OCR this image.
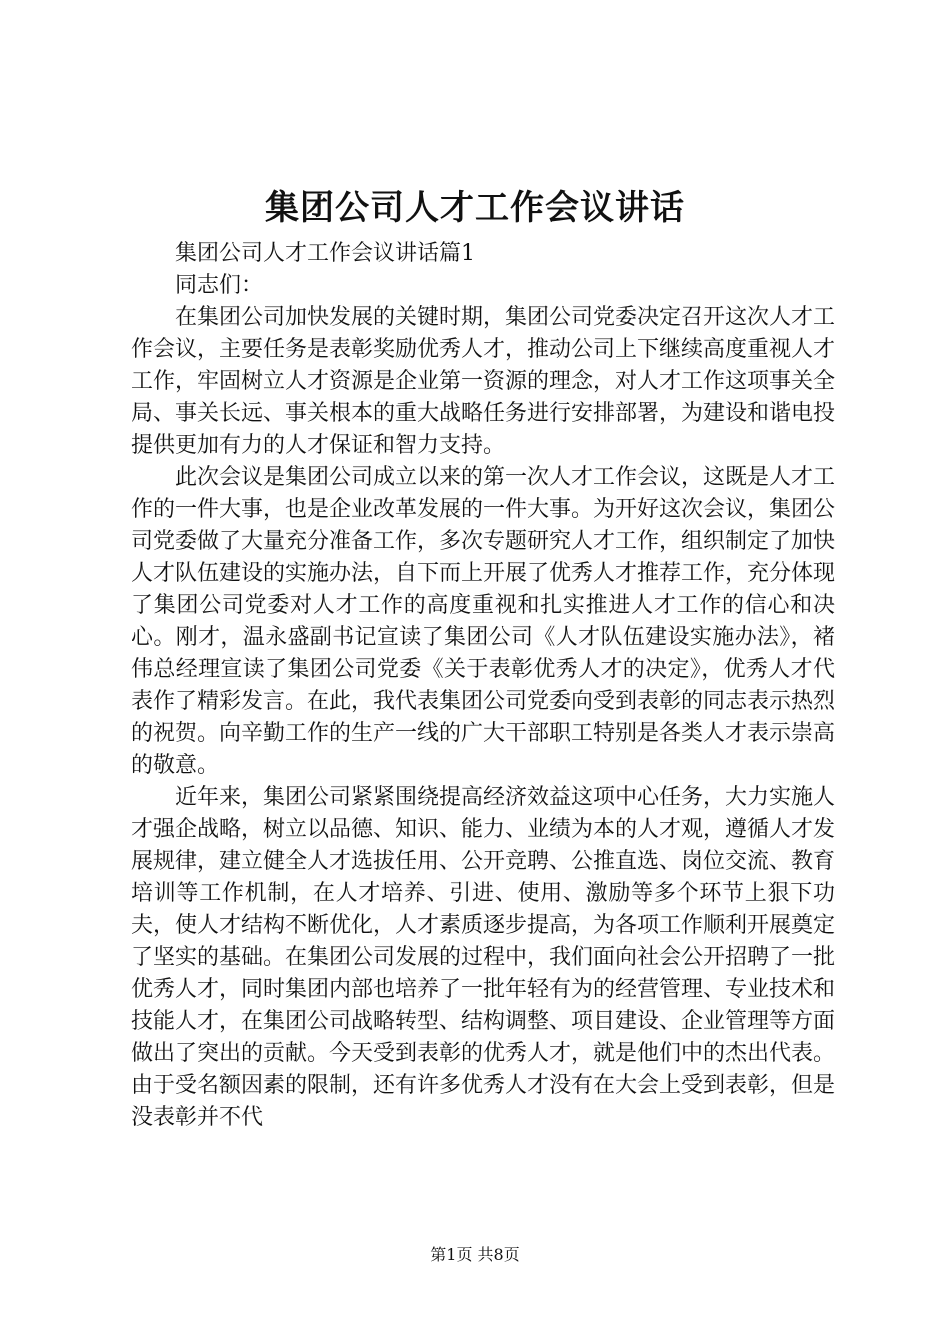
集团公司人才工作会议讲话

集团公司人才工作会议讲话篇1

同志们：

在集团公司加快发展的关键时期，集团公司党委决定召开这次人才工作会议，主要任务是表彰奖励优秀人才，推动公司上下继续高度重视人才工作，牢固树立人才资源是企业第一资源的理念，对人才工作这项事关全局、事关长远、事关根本的重大战略任务进行安排部署，为建设和谐电投提供更加有力的人才保证和智力支持。

此次会议是集团公司成立以来的第一次人才工作会议，这既是人才工作的一件大事，也是企业改革发展的一件大事。为开好这次会议，集团公司党委做了大量充分准备工作，多次专题研究人才工作，组织制定了加快人才队伍建设的实施办法，自下而上开展了优秀人才推荐工作，充分体现了集团公司党委对人才工作的高度重视和扎实推进人才工作的信心和决心。刚才，温永盛副书记宣读了集团公司《人才队伍建设实施办法》，褚伟总经理宣读了集团公司党委《关于表彰优秀人才的决定》，优秀人才代表作了精彩发言。在此，我代表集团公司党委向受到表彰的同志表示热烈的祝贺。向辛勤工作的生产一线的广大干部职工特别是各类人才表示崇高的敬意。

近年来，集团公司紧紧围绕提高经济效益这项中心任务，大力实施人才强企战略，树立以品德、知识、能力、业绩为本的人才观，遵循人才发展规律，建立健全人才选拔任用、公开竞聘、公推直选、岗位交流、教育培训等工作机制，在人才培养、引进、使用、激励等多个环节上狠下功夫，使人才结构不断优化，人才素质逐步提高，为各项工作顺利开展奠定了坚实的基础。在集团公司发展的过程中，我们面向社会公开招聘了一批优秀人才，同时集团内部也培养了一批年轻有为的经营管理、专业技术和技能人才，在集团公司战略转型、结构调整、项目建设、企业管理等方面做出了突出的贡献。今天受到表彰的优秀人才，就是他们中的杰出代表。由于受名额因素的限制，还有许多优秀人才没有在大会上受到表彰，但是没表彰并不代

第1页 共8页
